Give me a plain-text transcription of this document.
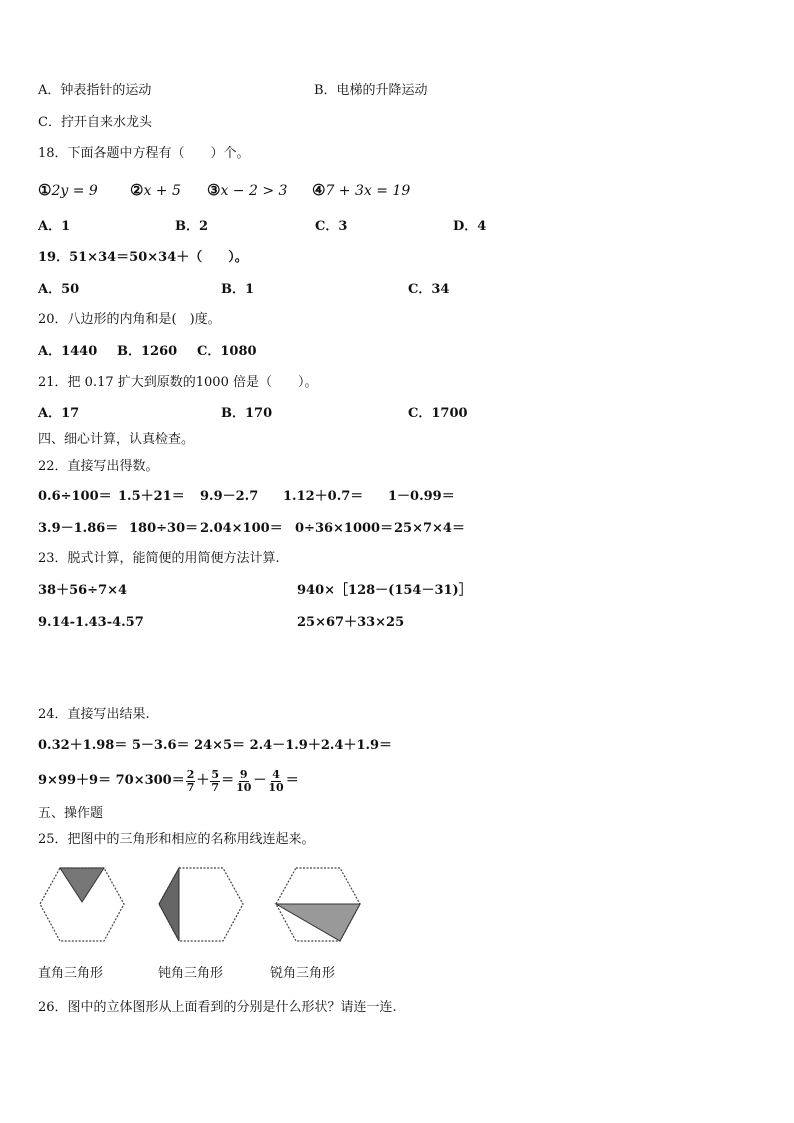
A．钟表指针的运动	B．电梯的升降运动
C．拧开自来水龙头
18．下面各题中方程有（　　）个。
①2y = 9 ②x + 5 ③x − 2 > 3 ④7 + 3x = 19
A．1	B．2	C．3	D．4
19．51×34＝50×34＋（　　）。
A．50	B．1	C．34
20．八边形的内角和是(　)度。
A．1440 B．1260 C．1080
21．把 0.17 扩大到原数的1000 倍是（　　）。
A．17	B．170	C．1700
四、细心计算，认真检查。
22．直接写出得数。
0.6÷100＝ 1.5＋21＝ 9.9－2.7 1.12＋0.7＝ 1－0.99＝
3.9－1.86＝ 180÷30＝ 2.04×100＝ 0÷36×1000＝ 25×7×4＝
23．脱式计算，能简便的用简便方法计算.
38＋56÷7×4	940×［128－(154－31)］
9.14-1.43-4.57	25×67＋33×25
24．直接写出结果.
0.32＋1.98＝ 5－3.6＝ 24×5＝ 2.4－1.9＋2.4＋1.9＝
$9\times 99+9= 70\times 300= \frac{2}{7} + \frac{5}{7} = \frac{9}{10} - \frac{4}{10}$ ＝
五、操作题
25．把图中的三角形和相应的名称用线连起来。
直角三角形	钝角三角形	锐角三角形
26．图中的立体图形从上面看到的分别是什么形状？请连一连.
